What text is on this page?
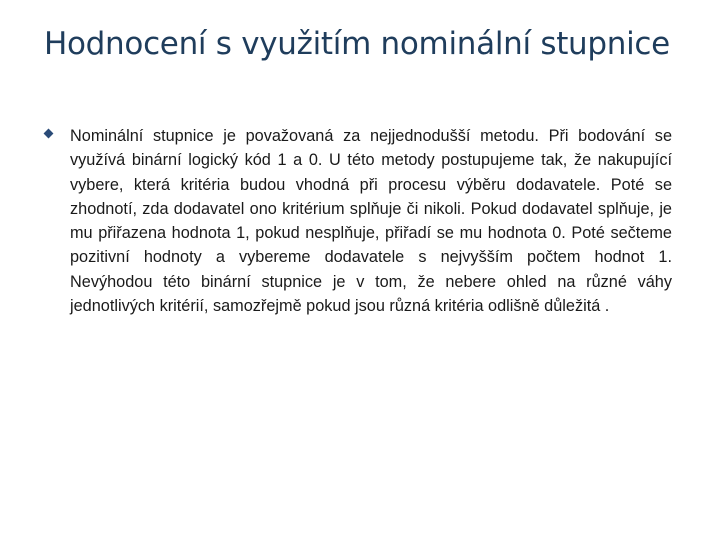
Hodnocení s využitím nominální stupnice

Nominální stupnice je považovaná za nejjednodušší metodu. Při bodování se využívá binární logický kód 1 a 0. U této metody postupujeme tak, že nakupující vybere, která kritéria budou vhodná při procesu výběru dodavatele. Poté se zhodnotí, zda dodavatel ono kritérium splňuje či nikoli. Pokud dodavatel splňuje, je mu přiřazena hodnota 1, pokud nesplňuje, přiřadí se mu hodnota 0. Poté sečteme pozitivní hodnoty a vybereme dodavatele s nejvyšším počtem hodnot 1. Nevýhodou této binární stupnice je v tom, že nebere ohled na různé váhy jednotlivých kritérií, samozřejmě pokud jsou různá kritéria odlišně důležitá .
